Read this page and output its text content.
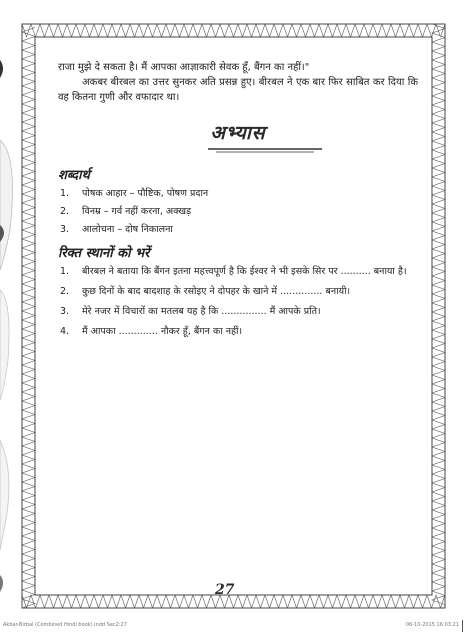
राजा मुझे दे सकता है। मैं आपका आज्ञाकारी सेवक हूँ, बैंगन का नहीं।"

अकबर बीरबल का उत्तर सुनकर अति प्रसन्न हुए। बीरबल ने एक बार फिर साबित कर दिया कि वह कितना गुणी और वफादार था।

अभ्यास
शब्दार्थ
1.	पोषक आहार – पौष्टिक, पोषण प्रदान
2.	विनम्र – गर्व नहीं करना, अक्खड़
3.	आलोचना – दोष निकालना
रिक्त स्थानों को भरें
1.	बीरबल ने बताया कि बैंगन इतना महत्त्वपूर्ण है कि ईश्वर ने भी इसके सिर पर .......... बनाया है।
2.	कुछ दिनों के बाद बादशाह के रसोइए ने दोपहर के खाने में .............. बनायी।
3.	मेरे नजर में विचारों का मतलब यह है कि ............... मैं आपके प्रति।
4.	मैं आपका ............. नौकर हूँ, बैंगन का नहीं।
27
Akbar-Birbal (Combined Hindi book).indd Sec2:27	06-10-2015 16:03:21
